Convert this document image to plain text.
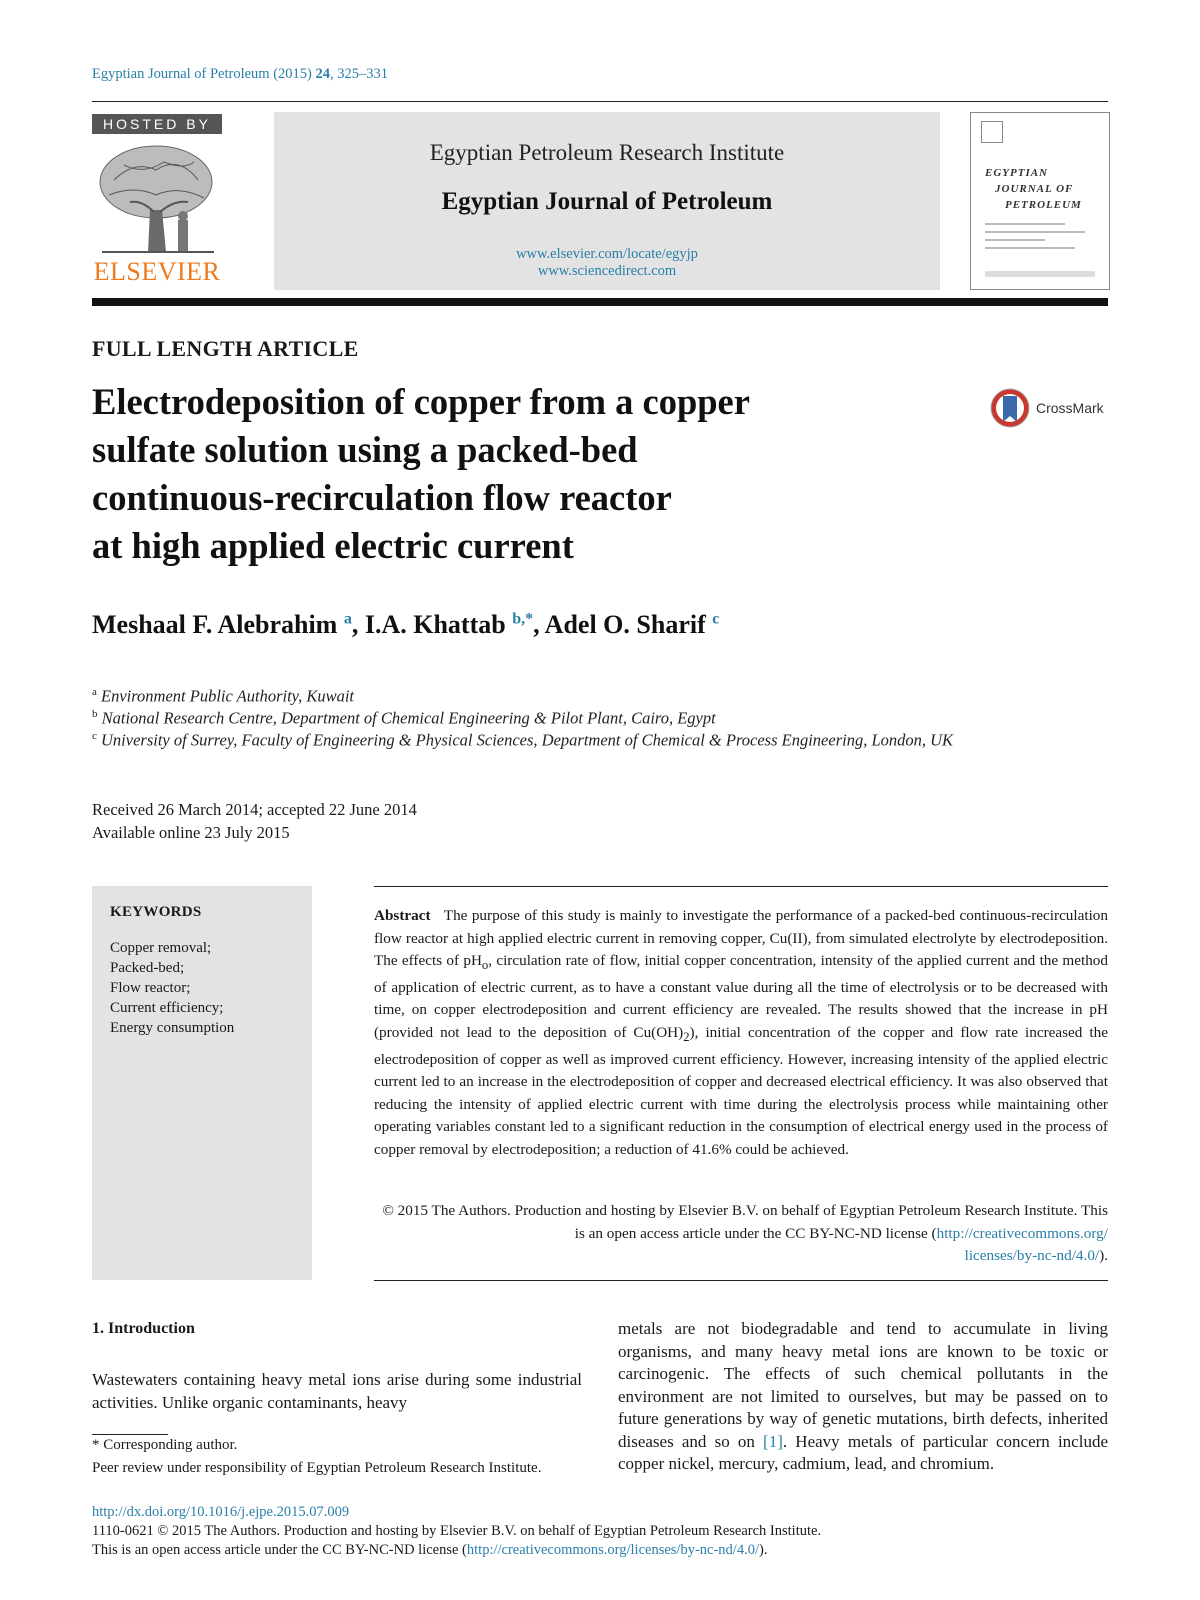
Egyptian Journal of Petroleum (2015) 24, 325–331
HOSTED BY
ELSEVIER
Egyptian Petroleum Research Institute
Egyptian Journal of Petroleum
www.elsevier.com/locate/egyjp
www.sciencedirect.com
EGYPTIAN
JOURNAL OF
PETROLEUM
FULL LENGTH ARTICLE
Electrodeposition of copper from a copper
sulfate solution using a packed-bed
continuous-recirculation flow reactor
at high applied electric current
CrossMark
Meshaal F. Alebrahim $^a$, I.A. Khattab $^{b,*}$, Adel O. Sharif $^c$
$^a$ Environment Public Authority, Kuwait
$^b$ National Research Centre, Department of Chemical Engineering & Pilot Plant, Cairo, Egypt
$^c$ University of Surrey, Faculty of Engineering & Physical Sciences, Department of Chemical & Process Engineering, London, UK
Received 26 March 2014; accepted 22 June 2014
Available online 23 July 2015
KEYWORDS
Copper removal;
Packed-bed;
Flow reactor;
Current efficiency;
Energy consumption
Abstract The purpose of this study is mainly to investigate the performance of a packed-bed continuous-recirculation flow reactor at high applied electric current in removing copper, Cu(II), from simulated electrolyte by electrodeposition. The effects of $pH_o$, circulation rate of flow, initial copper concentration, intensity of the applied current and the method of application of electric current, as to have a constant value during all the time of electrolysis or to be decreased with time, on copper electrodeposition and current efficiency are revealed. The results showed that the increase in pH (provided not lead to the deposition of $Cu(OH)_2$), initial concentration of the copper and flow rate increased the electrodeposition of copper as well as improved current efficiency. However, increasing intensity of the applied electric current led to an increase in the electrodeposition of copper and decreased electrical efficiency. It was also observed that reducing the intensity of applied electric current with time during the electrolysis process while maintaining other operating variables constant led to a significant reduction in the consumption of electrical energy used in the process of copper removal by electrodeposition; a reduction of 41.6% could be achieved.
© 2015 The Authors. Production and hosting by Elsevier B.V. on behalf of Egyptian Petroleum Research Institute. This is an open access article under the CC BY-NC-ND license (http://creativecommons.org/
licenses/by-nc-nd/4.0/).
1. Introduction
Wastewaters containing heavy metal ions arise during some industrial activities. Unlike organic contaminants, heavy
metals are not biodegradable and tend to accumulate in living organisms, and many heavy metal ions are known to be toxic or carcinogenic. The effects of such chemical pollutants in the environment are not limited to ourselves, but may be passed on to future generations by way of genetic mutations, birth defects, inherited diseases and so on [1]. Heavy metals of particular concern include copper nickel, mercury, cadmium, lead, and chromium.
* Corresponding author.
Peer review under responsibility of Egyptian Petroleum Research Institute.
http://dx.doi.org/10.1016/j.ejpe.2015.07.009
1110-0621 © 2015 The Authors. Production and hosting by Elsevier B.V. on behalf of Egyptian Petroleum Research Institute.
This is an open access article under the CC BY-NC-ND license (http://creativecommons.org/licenses/by-nc-nd/4.0/).
